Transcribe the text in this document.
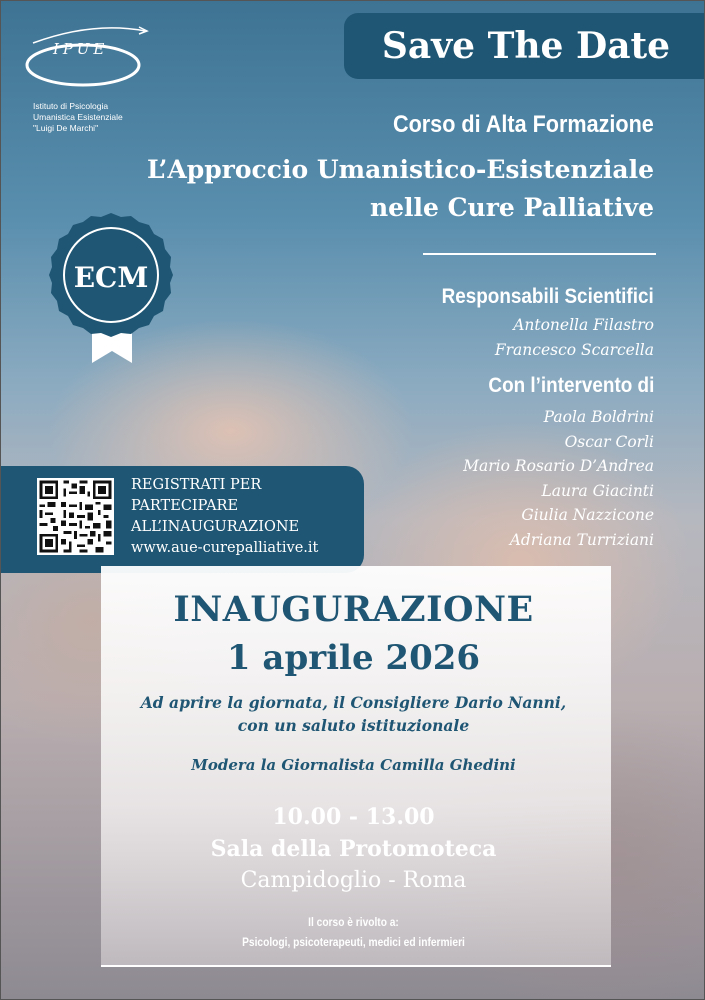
IPUE
Istituto di Psicologia
Umanistica Esistenziale
"Luigi De Marchi"
Save The Date
Corso di Alta Formazione
L’Approccio Umanistico-Esistenziale
nelle Cure Palliative
ECM
Responsabili Scientifici
Antonella Filastro
Francesco Scarcella
Con l’intervento di
Paola Boldrini
Oscar Corli
Mario Rosario D’Andrea
Laura Giacinti
Giulia Nazzicone
Adriana Turriziani
REGISTRATI PER
PARTECIPARE
ALL’INAUGURAZIONE
www.aue-curepalliative.it
INAUGURAZIONE
1 aprile 2026
Ad aprire la giornata, il Consigliere Dario Nanni,
con un saluto istituzionale
Modera la Giornalista Camilla Ghedini
10.00 - 13.00
Sala della Protomoteca
Campidoglio - Roma
Il corso è rivolto a:
Psicologi, psicoterapeuti, medici ed infermieri
